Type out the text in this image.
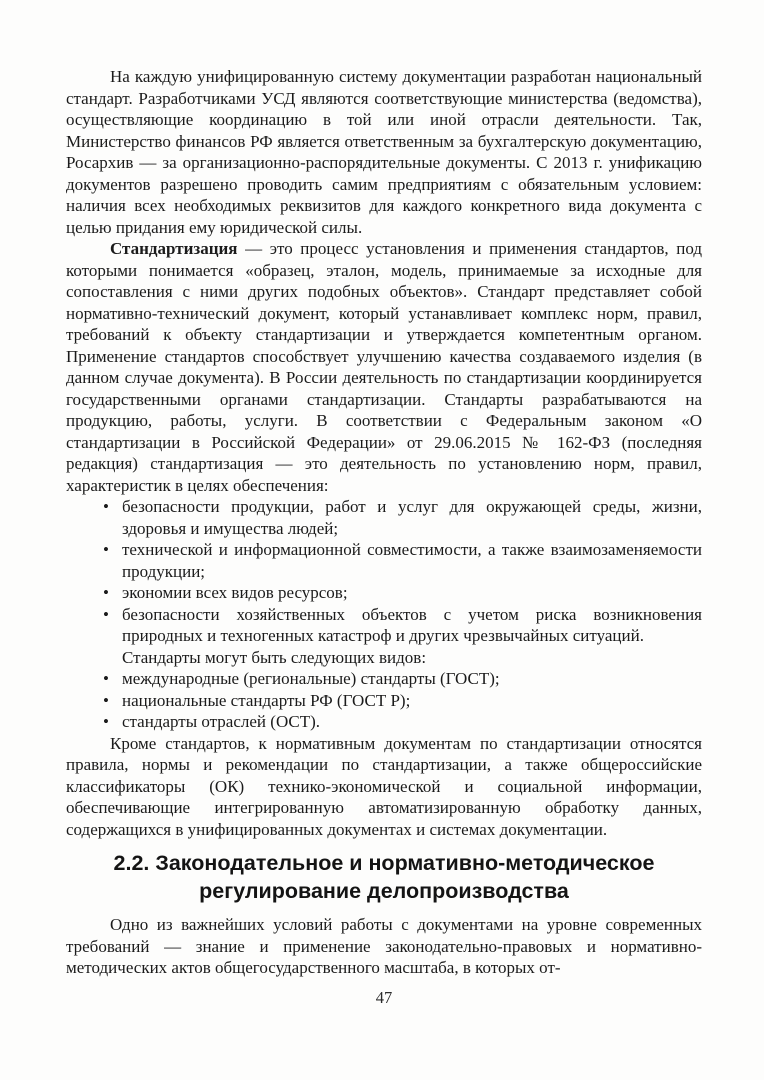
На каждую унифицированную систему документации разработан национальный стандарт. Разработчиками УСД являются соответствующие министерства (ведомства), осуществляющие координацию в той или иной отрасли деятельности. Так, Министерство финансов РФ является ответственным за бухгалтерскую документацию, Росархив — за организационно-распорядительные документы. С 2013 г. унификацию документов разрешено проводить самим предприятиям с обязательным условием: наличия всех необходимых реквизитов для каждого конкретного вида документа с целью придания ему юридической силы.

Стандартизация — это процесс установления и применения стандартов, под которыми понимается «образец, эталон, модель, принимаемые за исходные для сопоставления с ними других подобных объектов». Стандарт представляет собой нормативно-технический документ, который устанавливает комплекс норм, правил, требований к объекту стандартизации и утверждается компетентным органом. Применение стандартов способствует улучшению качества создаваемого изделия (в данном случае документа). В России деятельность по стандартизации координируется государственными органами стандартизации. Стандарты разрабатываются на продукцию, работы, услуги. В соответствии с Федеральным законом «О стандартизации в Российской Федерации» от 29.06.2015 № 162-ФЗ (последняя редакция) стандартизация — это деятельность по установлению норм, правил, характеристик в целях обеспечения:

• безопасности продукции, работ и услуг для окружающей среды, жизни, здоровья и имущества людей;
• технической и информационной совместимости, а также взаимозаменяемости продукции;
• экономии всех видов ресурсов;
• безопасности хозяйственных объектов с учетом риска возникновения природных и техногенных катастроф и других чрезвычайных ситуаций.

Стандарты могут быть следующих видов:

• международные (региональные) стандарты (ГОСТ);
• национальные стандарты РФ (ГОСТ Р);
• стандарты отраслей (ОСТ).

Кроме стандартов, к нормативным документам по стандартизации относятся правила, нормы и рекомендации по стандартизации, а также общероссийские классификаторы (ОК) технико-экономической и социальной информации, обеспечивающие интегрированную автоматизированную обработку данных, содержащихся в унифицированных документах и системах документации.

2.2. Законодательное и нормативно-методическое
регулирование делопроизводства

Одно из важнейших условий работы с документами на уровне современных требований — знание и применение законодательно-правовых и нормативно-методических актов общегосударственного масштаба, в которых от-

47
